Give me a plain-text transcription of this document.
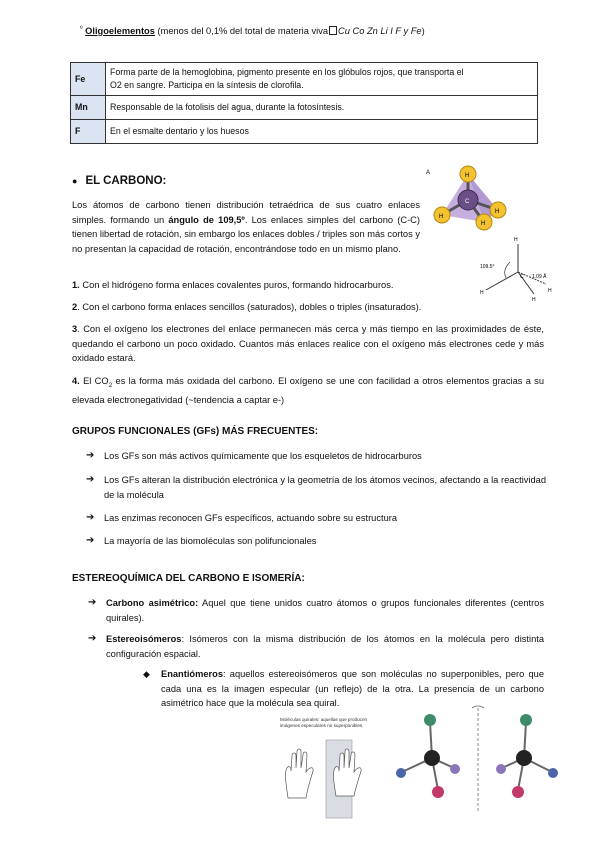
$^º$ Oligoelementos (menos del 0,1% del total de materia viva Cu Co Zn Li I F y Fe)
Fe	Forma parte de la hemoglobina, pigmento presente en los glóbulos rojos, que transporta el
O2 en sangre. Participa en la síntesis de clorofila.
Mn	Responsable de la fotolisis del agua, durante la fotosíntesis.
F	En el esmalte dentario y los huesos
● EL CARBONO:
Los átomos de carbono tienen distribución tetraédrica de sus cuatro enlaces simples. formando un ángulo de 109,5º. Los enlaces simples del carbono (C-C) tienen libertad de rotación, sin embargo los enlaces dobles / triples son más cortos y no presentan la capacidad de rotación, encontrándose todo en un mismo plano.
A	H
H
H
H
C
H
H
H
H
C
109.5°
1.09 Å
1. Con el hidrógeno forma enlaces covalentes puros, formando hidrocarburos.
2. Con el carbono forma enlaces sencillos (saturados), dobles o triples (insaturados).
3. Con el oxígeno los electrones del enlace permanecen más cerca y más tiempo en las proximidades de éste, quedando el carbono un poco oxidado. Cuantos más enlaces realice con el oxígeno más electrones cede y más oxidado estará.
4. El $CO_2$ es la forma más oxidada del carbono. El oxígeno se une con facilidad a otros elementos gracias a su elevada electronegatividad (~tendencia a captar e-)
GRUPOS FUNCIONALES (GFs) MÁS FRECUENTES:
➔ Los GFs son más activos químicamente que los esqueletos de hidrocarburos
➔ Los GFs alteran la distribución electrónica y la geometría de los átomos vecinos, afectando a la reactividad de la molécula
➔ Las enzimas reconocen GFs específicos, actuando sobre su estructura
➔ La mayoría de las biomoléculas son polifuncionales
ESTEREOQUÍMICA DEL CARBONO E ISOMERÍA:
➔ Carbono asimétrico: Aquel que tiene unidos cuatro átomos o grupos funcionales diferentes (centros quirales).
➔ Estereoisómeros: Isómeros con la misma distribución de los átomos en la molécula pero distinta configuración espacial.
◆ Enantiómeros: aquellos estereoisómeros que son moléculas no superponibles, pero que cada una es la imagen especular (un reflejo) de la otra. La presencia de un carbono asimétrico hace que la molécula sea quiral.
Moléculas quirales: aquellas que producen imágenes especulares no superponibles.
